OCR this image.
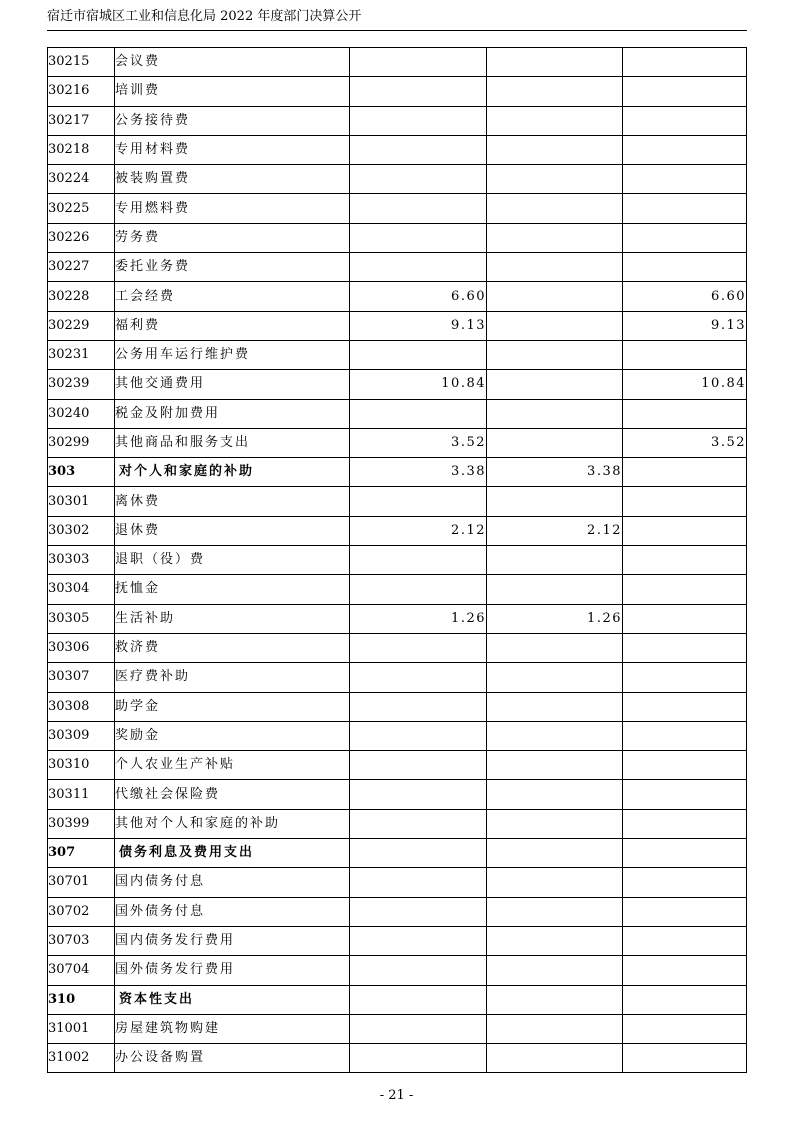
宿迁市宿城区工业和信息化局 2022 年度部门决算公开
30215	会议费			
30216	培训费			
30217	公务接待费			
30218	专用材料费			
30224	被装购置费			
30225	专用燃料费			
30226	劳务费			
30227	委托业务费			
30228	工会经费	6.60		6.60
30229	福利费	9.13		9.13
30231	公务用车运行维护费			
30239	其他交通费用	10.84		10.84
30240	税金及附加费用			
30299	其他商品和服务支出	3.52		3.52
303	对个人和家庭的补助	3.38	3.38	
30301	离休费			
30302	退休费	2.12	2.12	
30303	退职（役）费			
30304	抚恤金			
30305	生活补助	1.26	1.26	
30306	救济费			
30307	医疗费补助			
30308	助学金			
30309	奖励金			
30310	个人农业生产补贴			
30311	代缴社会保险费			
30399	其他对个人和家庭的补助			
307	债务利息及费用支出			
30701	国内债务付息			
30702	国外债务付息			
30703	国内债务发行费用			
30704	国外债务发行费用			
310	资本性支出			
31001	房屋建筑物购建			
31002	办公设备购置			
- 21 -
